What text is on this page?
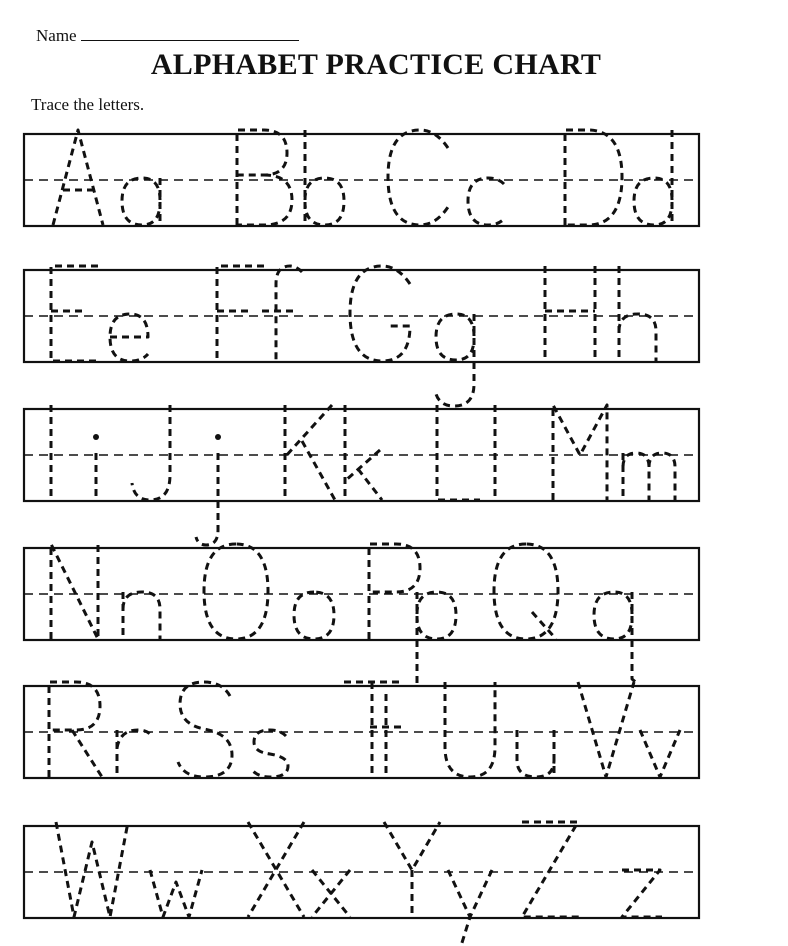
Name
ALPHABET PRACTICE CHART
Trace the letters.
